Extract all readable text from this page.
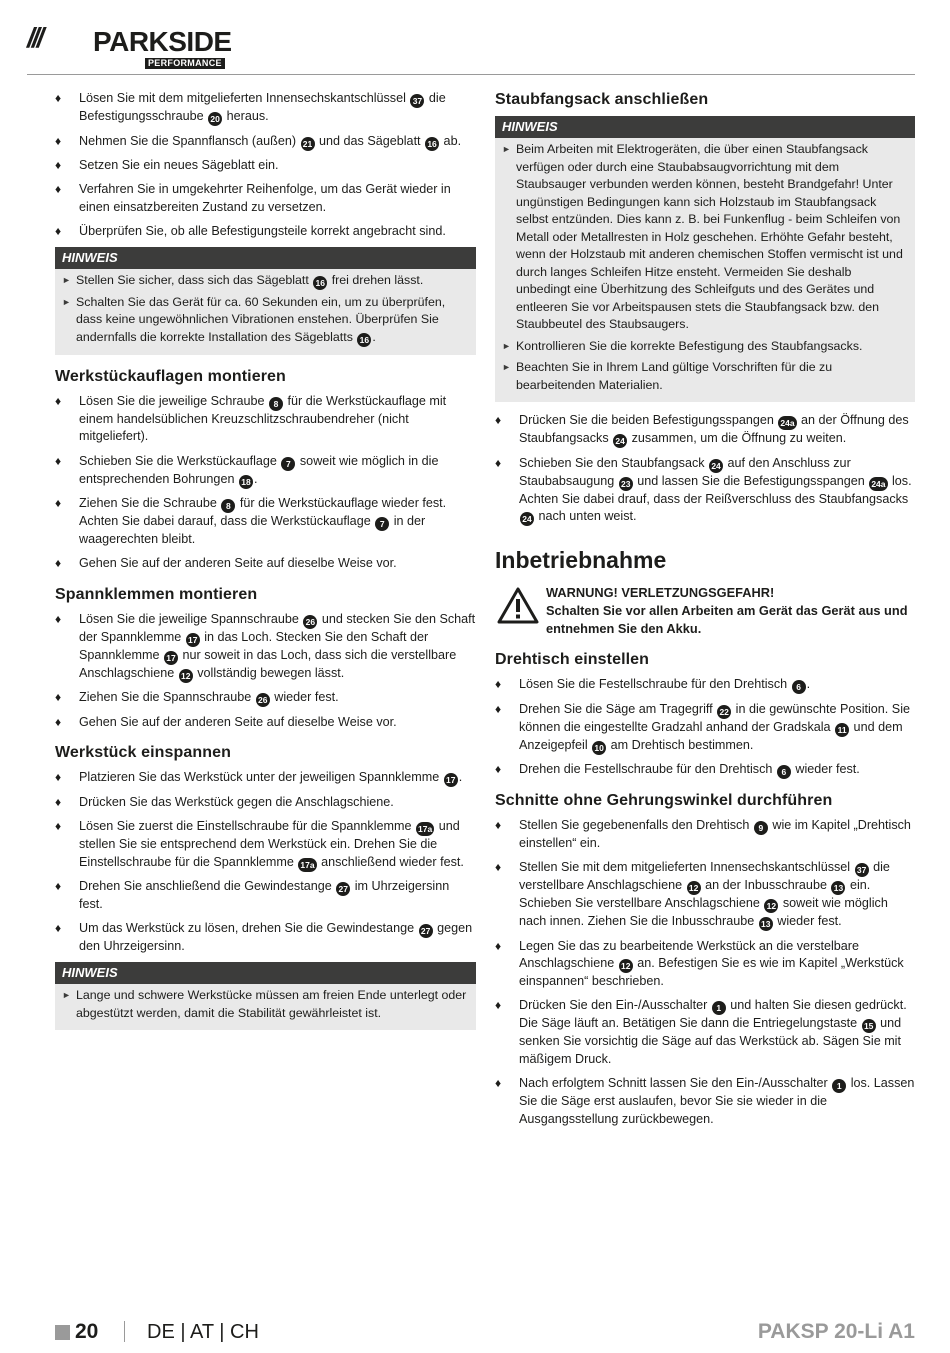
/// PARKSIDE
PERFORMANCE
♦ Lösen Sie mit dem mitgelieferten Innensechskantschlüssel 37 die Befestigungsschraube 20 heraus.
♦ Nehmen Sie die Spannflansch (außen) 21 und das Sägeblatt 16 ab.
♦ Setzen Sie ein neues Sägeblatt ein.
♦ Verfahren Sie in umgekehrter Reihenfolge, um das Gerät wieder in einen einsatzbereiten Zustand zu versetzen.
♦ Überprüfen Sie, ob alle Befestigungsteile korrekt angebracht sind.
HINWEIS
► Stellen Sie sicher, dass sich das Sägeblatt 16 frei drehen lässt.
► Schalten Sie das Gerät für ca. 60 Sekunden ein, um zu überprüfen, dass keine ungewöhnlichen Vibrationen enstehen. Überprüfen Sie andernfalls die korrekte Installation des Sägeblatts 16 .
Werkstückauflagen montieren
♦ Lösen Sie die jeweilige Schraube 8 für die Werkstückauflage mit einem handelsüblichen Kreuzschlitzschraubendreher (nicht mitgeliefert).
♦ Schieben Sie die Werkstückauflage 7 soweit wie möglich in die entsprechenden Bohrungen 18 .
♦ Ziehen Sie die Schraube 8 für die Werkstückauflage wieder fest. Achten Sie dabei darauf, dass die Werkstückauflage 7 in der waagerechten bleibt.
♦ Gehen Sie auf der anderen Seite auf dieselbe Weise vor.
Spannklemmen montieren
♦ Lösen Sie die jeweilige Spannschraube 26 und stecken Sie den Schaft der Spannklemme 17 in das Loch. Stecken Sie den Schaft der Spannklemme 17 nur soweit in das Loch, dass sich die verstellbare Anschlagschiene 12 vollständig bewegen lässt.
♦ Ziehen Sie die Spannschraube 26 wieder fest.
♦ Gehen Sie auf der anderen Seite auf dieselbe Weise vor.
Werkstück einspannen
♦ Platzieren Sie das Werkstück unter der jeweiligen Spannklemme 17 .
♦ Drücken Sie das Werkstück gegen die Anschlagschiene.
♦ Lösen Sie zuerst die Einstellschraube für die Spannklemme 17a und stellen Sie sie entsprechend dem Werkstück ein. Drehen Sie die Einstellschraube für die Spannklemme 17a anschließend wieder fest.
♦ Drehen Sie anschließend die Gewindestange 27 im Uhrzeigersinn fest.
♦ Um das Werkstück zu lösen, drehen Sie die Gewindestange 27 gegen den Uhrzeigersinn.
HINWEIS
► Lange und schwere Werkstücke müssen am freien Ende unterlegt oder abgestützt werden, damit die Stabilität gewährleistet ist.
Staubfangsack anschließen
HINWEIS
► Beim Arbeiten mit Elektrogeräten, die über einen Staubfangsack verfügen oder durch eine Staubabsaugvorrichtung mit dem Staubsauger verbunden werden können, besteht Brandgefahr! Unter ungünstigen Bedingungen kann sich Holzstaub im Staubfangsack selbst entzünden. Dies kann z. B. bei Funkenflug - beim Schleifen von Metall oder Metallresten in Holz geschehen. Erhöhte Gefahr besteht, wenn der Holzstaub mit anderen chemischen Stoffen vermischt ist und durch langes Schleifen Hitze ensteht. Vermeiden Sie deshalb unbedingt eine Überhitzung des Schleifguts und des Gerätes und entleeren Sie vor Arbeitspausen stets die Staubfangsack bzw. den Staubbeutel des Staubsaugers.
► Kontrollieren Sie die korrekte Befestigung des Staubfangsacks.
► Beachten Sie in Ihrem Land gültige Vorschriften für die zu bearbeitenden Materialien.
♦ Drücken Sie die beiden Befestigungsspangen 24a an der Öffnung des Staubfangsacks 24 zusammen, um die Öffnung zu weiten.
♦ Schieben Sie den Staubfangsack 24 auf den Anschluss zur Staubabsaugung 23 und lassen Sie die Befestigungsspangen 24a los. Achten Sie dabei drauf, dass der Reißverschluss des Staubfangsacks 24 nach unten weist.
Inbetriebnahme
WARNUNG! VERLETZUNGSGEFAHR!
Schalten Sie vor allen Arbeiten am Gerät das Gerät aus und entnehmen Sie den Akku.
Drehtisch einstellen
♦ Lösen Sie die Festellschraube für den Drehtisch 6 .
♦ Drehen Sie die Säge am Tragegriff 22 in die gewünschte Position. Sie können die eingestellte Gradzahl anhand der Gradskala 11 und dem Anzeigepfeil 10 am Drehtisch bestimmen.
♦ Drehen die Festellschraube für den Drehtisch 6 wieder fest.
Schnitte ohne Gehrungswinkel durchführen
♦ Stellen Sie gegebenenfalls den Drehtisch 9 wie im Kapitel „Drehtisch einstellen“ ein.
♦ Stellen Sie mit dem mitgelieferten Innensechskantschlüssel 37 die verstellbare Anschlagschiene 12 an der Inbusschraube 13 ein. Schieben Sie verstellbare Anschlagschiene 12 soweit wie möglich nach innen. Ziehen Sie die Inbusschraube 13 wieder fest.
♦ Legen Sie das zu bearbeitende Werkstück an die verstelbare Anschlagschiene 12 an. Befestigen Sie es wie im Kapitel „Werkstück einspannen“ beschrieben.
♦ Drücken Sie den Ein-/Ausschalter 1 und halten Sie diesen gedrückt. Die Säge läuft an. Betätigen Sie dann die Entriegelungstaste 15 und senken Sie vorsichtig die Säge auf das Werkstück ab. Sägen Sie mit mäßigem Druck.
♦ Nach erfolgtem Schnitt lassen Sie den Ein-/Ausschalter 1 los. Lassen Sie die Säge erst auslaufen, bevor Sie sie wieder in die Ausgangsstellung zurückbewegen.
20 DE | AT | CH	PAKSP 20-Li A1
